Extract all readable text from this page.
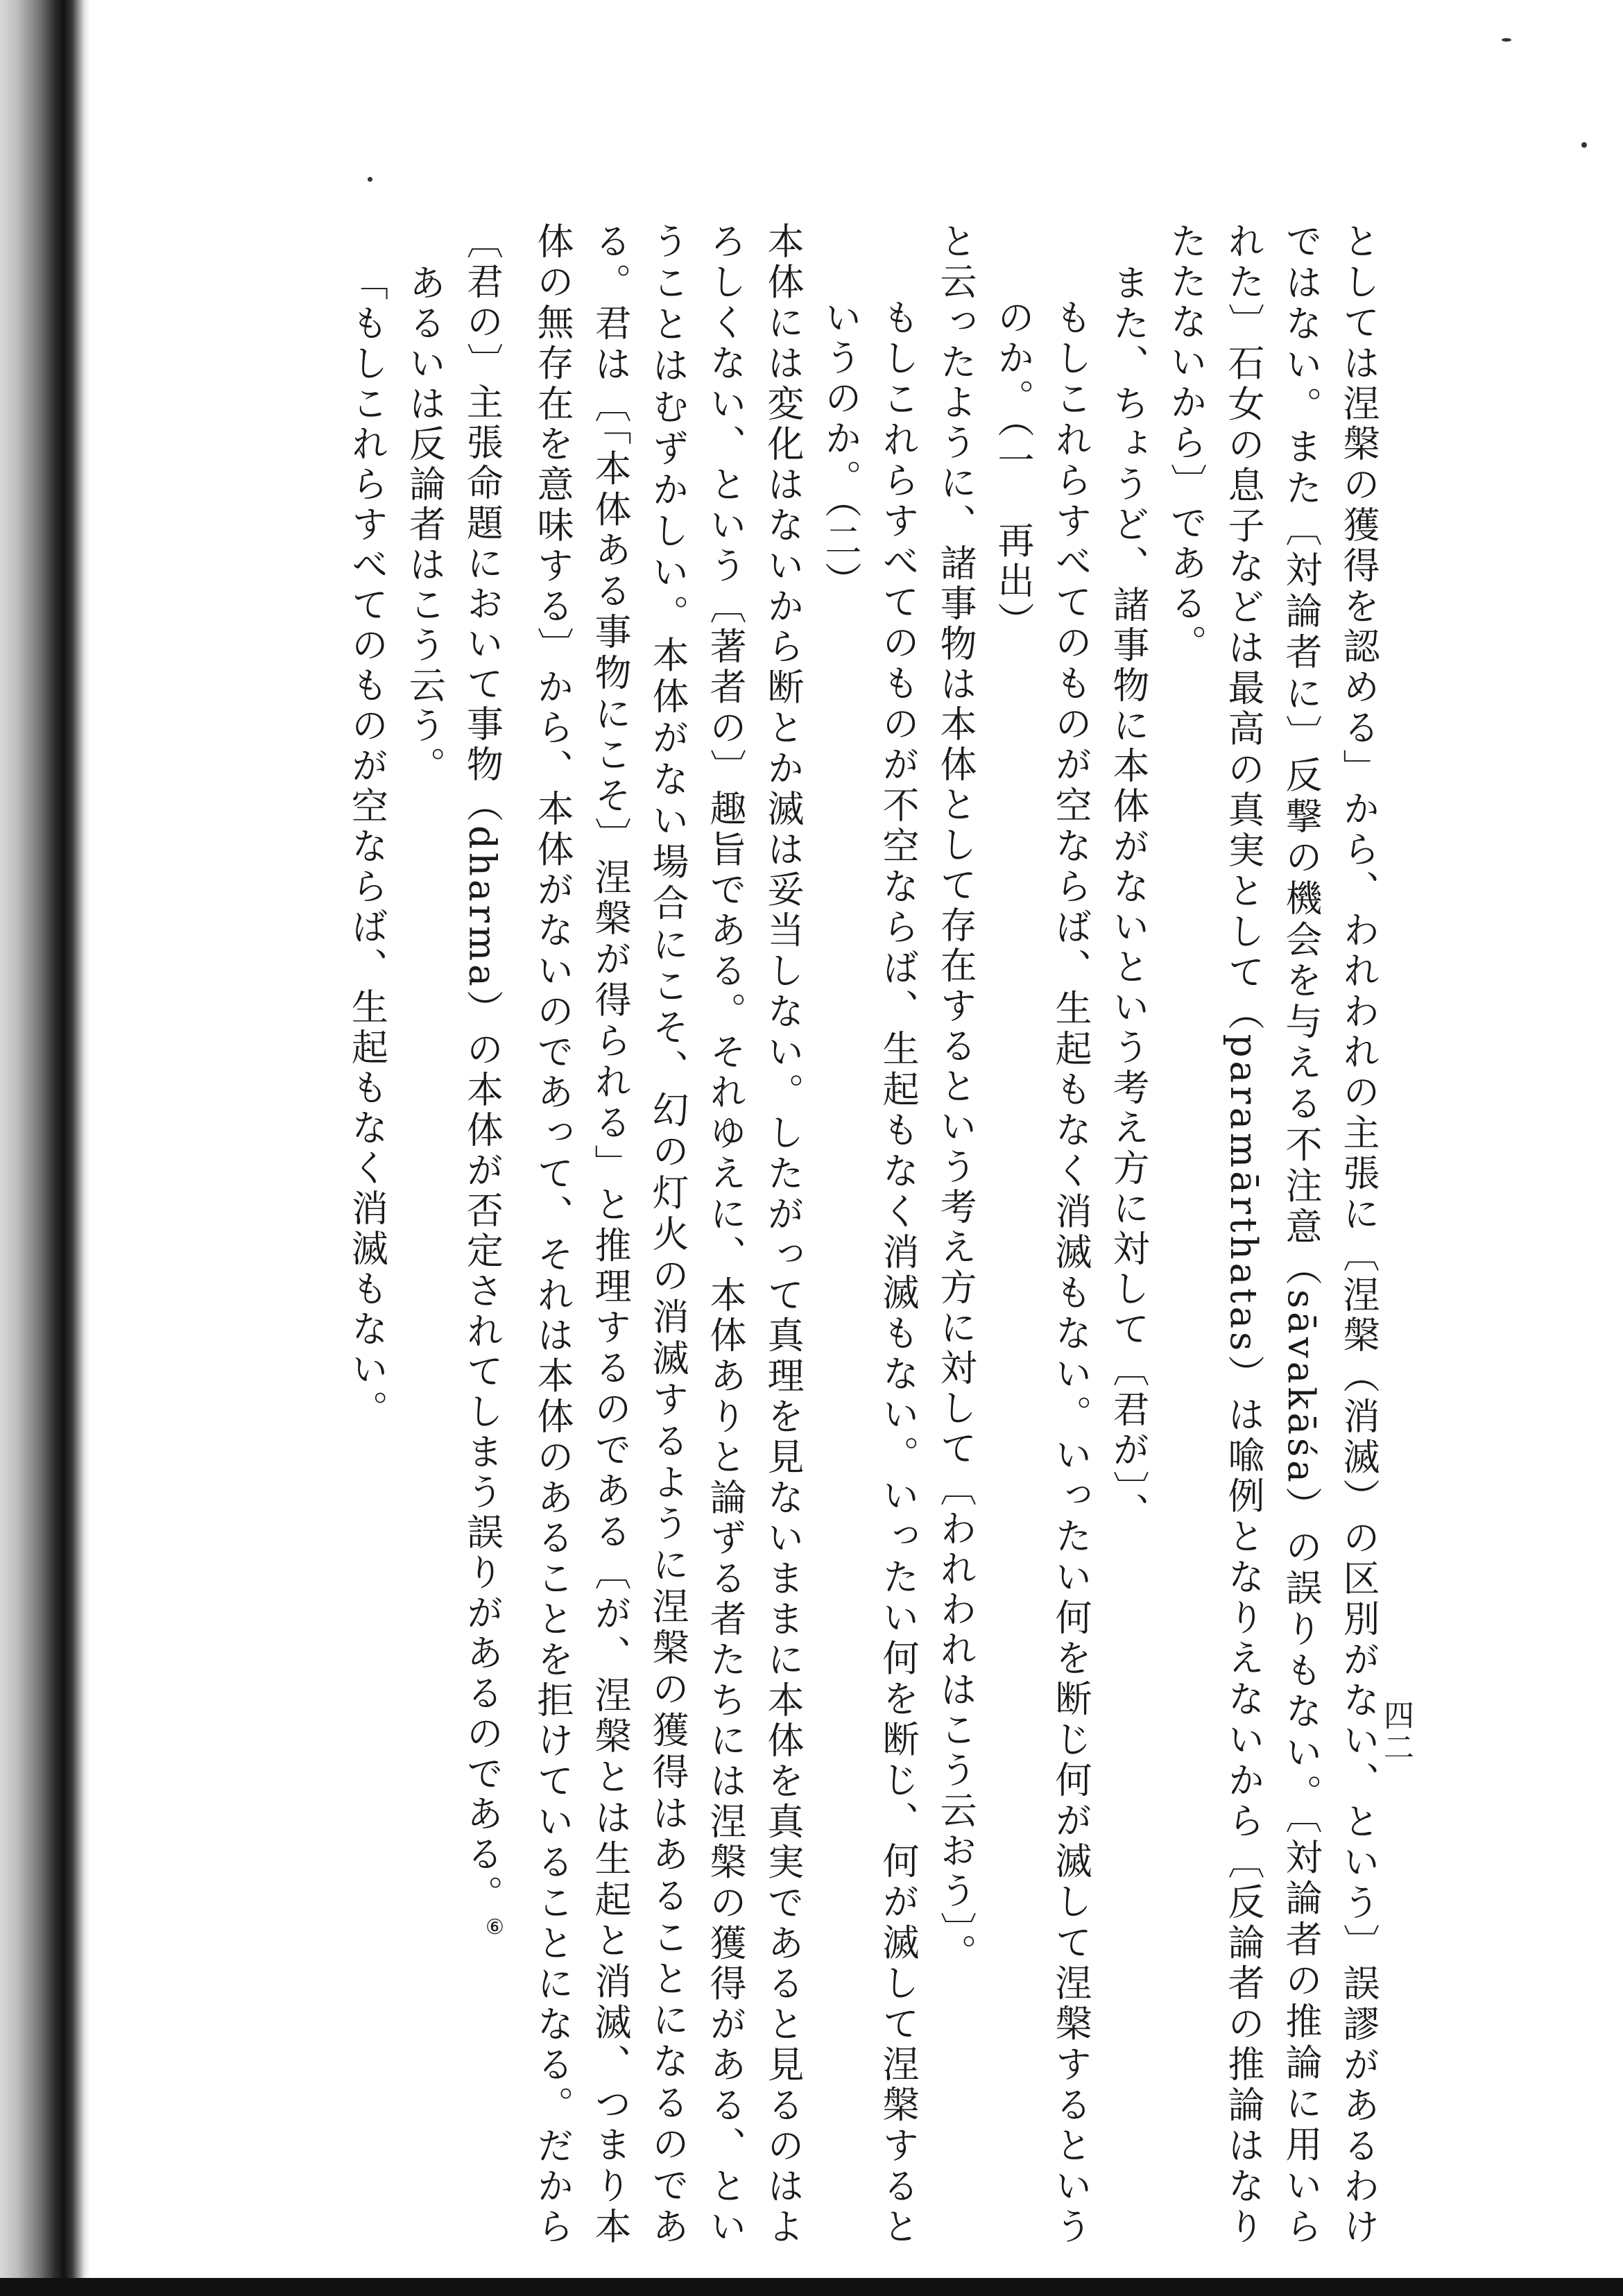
四二

としては涅槃の獲得を認める」から、われわれの主張に〔涅槃（消滅）の区別がない、という〕誤謬があるわけではない。また〔対論者に〕反撃の機会を与える不注意（sāvakāśa）の誤りもない。〔対論者の推論に用いられた〕石女の息子などは最高の真実として（paramārthatas）は喩例となりえないから〔反論者の推論はなりたたないから〕である。

また、ちょうど、諸事物に本体がないという考え方に対して〔君が〕、

もしこれらすべてのものが空ならば、生起もなく消滅もない。いったい何を断じ何が滅して涅槃するというのか。（一　再出）

と云ったように、諸事物は本体として存在するという考え方に対して〔われわれはこう云おう〕。

もしこれらすべてのものが不空ならば、生起もなく消滅もない。いったい何を断じ、何が滅して涅槃するというのか。（二）

本体には変化はないから断とか滅は妥当しない。したがって真理を見ないままに本体を真実であると見るのはよろしくない、という〔著者の〕趣旨である。それゆえに、本体ありと論ずる者たちには涅槃の獲得がある、ということはむずかしい。本体がない場合にこそ、幻の灯火の消滅するように涅槃の獲得はあることになるのである。君は〔「本体ある事物にこそ〕涅槃が得られる」と推理するのである〔が、涅槃とは生起と消滅、つまり本体の無存在を意味する〕から、本体がないのであって、それは本体のあることを拒けていることになる。だから〔君の〕主張命題において事物（dharma）の本体が否定されてしまう誤りがあるのである。⑥

あるいは反論者はこう云う。

「もしこれらすべてのものが空ならば、生起もなく消滅もない。
